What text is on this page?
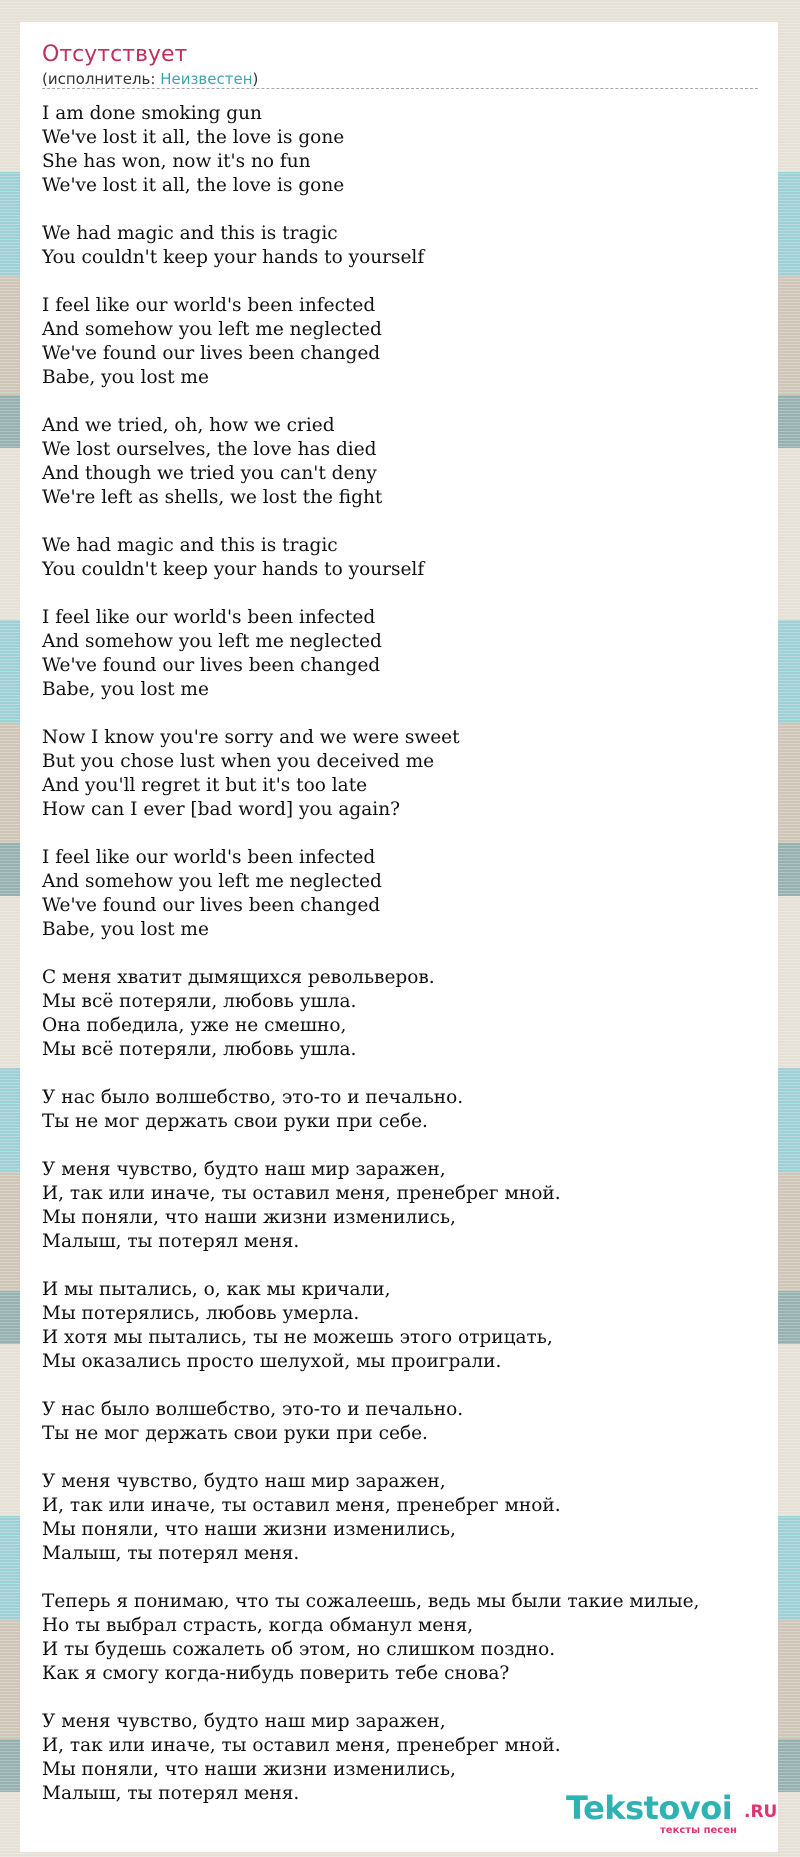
Отсутствует
(исполнитель: Неизвестен)
I am done smoking gun
We've lost it all, the love is gone
She has won, now it's no fun
We've lost it all, the love is gone
We had magic and this is tragic
You couldn't keep your hands to yourself
I feel like our world's been infected
And somehow you left me neglected
We've found our lives been changed
Babe, you lost me
And we tried, oh, how we cried
We lost ourselves, the love has died
And though we tried you can't deny
We're left as shells, we lost the fight
We had magic and this is tragic
You couldn't keep your hands to yourself
I feel like our world's been infected
And somehow you left me neglected
We've found our lives been changed
Babe, you lost me
Now I know you're sorry and we were sweet
But you chose lust when you deceived me
And you'll regret it but it's too late
How can I ever [bad word] you again?
I feel like our world's been infected
And somehow you left me neglected
We've found our lives been changed
Babe, you lost me
С меня хватит дымящихся револьверов.
Мы всё потеряли, любовь ушла.
Она победила, уже не смешно,
Мы всё потеряли, любовь ушла.
У нас было волшебство, это-то и печально.
Ты не мог держать свои руки при себе.
У меня чувство, будто наш мир заражен,
И, так или иначе, ты оставил меня, пренебрег мной.
Мы поняли, что наши жизни изменились,
Малыш, ты потерял меня.
И мы пытались, о, как мы кричали,
Мы потерялись, любовь умерла.
И хотя мы пытались, ты не можешь этого отрицать,
Мы оказались просто шелухой, мы проиграли.
У нас было волшебство, это-то и печально.
Ты не мог держать свои руки при себе.
У меня чувство, будто наш мир заражен,
И, так или иначе, ты оставил меня, пренебрег мной.
Мы поняли, что наши жизни изменились,
Малыш, ты потерял меня.
Теперь я понимаю, что ты сожалеешь, ведь мы были такие милые,
Но ты выбрал страсть, когда обманул меня,
И ты будешь сожалеть об этом, но слишком поздно.
Как я смогу когда-нибудь поверить тебе снова?
У меня чувство, будто наш мир заражен,
И, так или иначе, ты оставил меня, пренебрег мной.
Мы поняли, что наши жизни изменились,
Малыш, ты потерял меня.	Tekstovoi .RU
тексты песен
